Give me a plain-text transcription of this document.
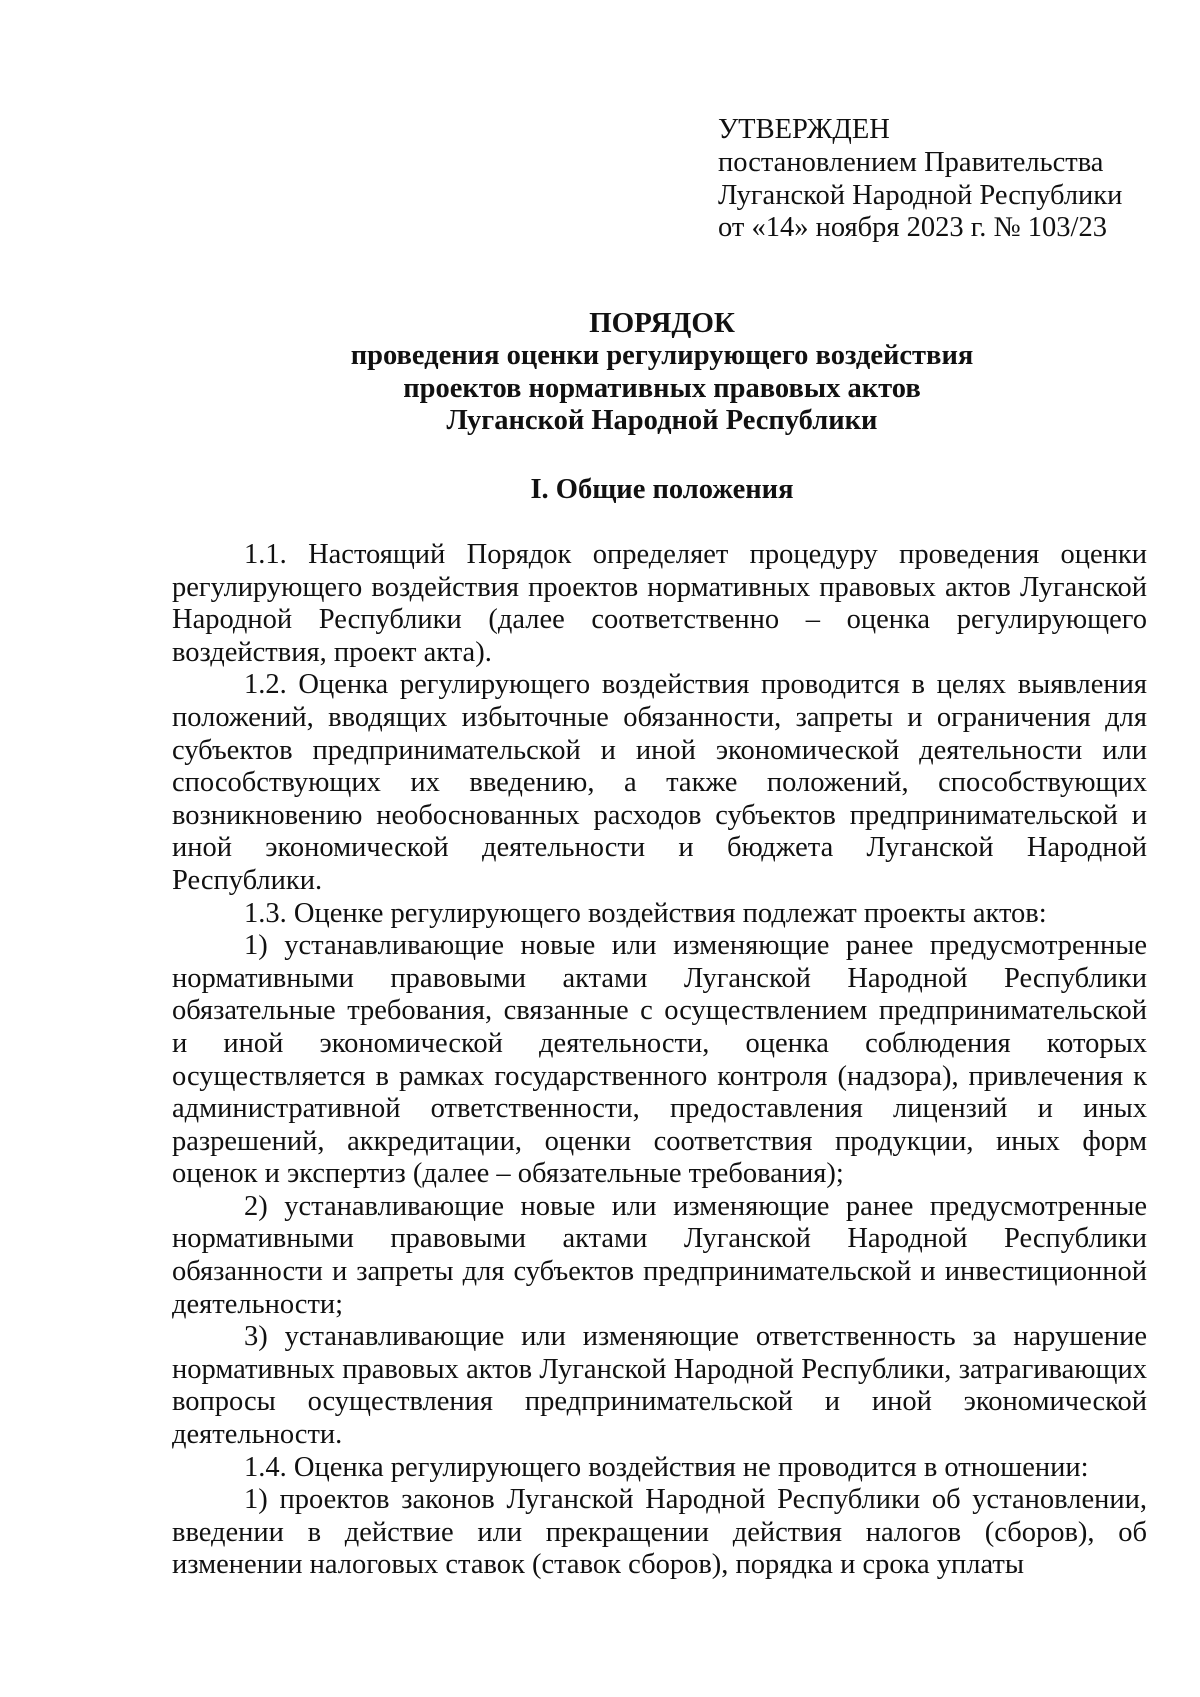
УТВЕРЖДЕН
постановлением Правительства
Луганской Народной Республики
от «14» ноября 2023 г. № 103/23
ПОРЯДОК
проведения оценки регулирующего воздействия
проектов нормативных правовых актов
Луганской Народной Республики
I. Общие положения

1.1. Настоящий Порядок определяет процедуру проведения оценки регулирующего воздействия проектов нормативных правовых актов Луганской Народной Республики (далее соответственно – оценка регулирующего воздействия, проект акта).

1.2. Оценка регулирующего воздействия проводится в целях выявления положений, вводящих избыточные обязанности, запреты и ограничения для субъектов предпринимательской и иной экономической деятельности или способствующих их введению, а также положений, способствующих возникновению необоснованных расходов субъектов предпринимательской и иной экономической деятельности и бюджета Луганской Народной Республики.

1.3. Оценке регулирующего воздействия подлежат проекты актов:

1) устанавливающие новые или изменяющие ранее предусмотренные нормативными правовыми актами Луганской Народной Республики обязательные требования, связанные с осуществлением предпринимательской и иной экономической деятельности, оценка соблюдения которых осуществляется в рамках государственного контроля (надзора), привлечения к административной ответственности, предоставления лицензий и иных разрешений, аккредитации, оценки соответствия продукции, иных форм оценок и экспертиз (далее – обязательные требования);

2) устанавливающие новые или изменяющие ранее предусмотренные нормативными правовыми актами Луганской Народной Республики обязанности и запреты для субъектов предпринимательской и инвестиционной деятельности;

3) устанавливающие или изменяющие ответственность за нарушение нормативных правовых актов Луганской Народной Республики, затрагивающих вопросы осуществления предпринимательской и иной экономической деятельности.

1.4. Оценка регулирующего воздействия не проводится в отношении:

1) проектов законов Луганской Народной Республики об установлении, введении в действие или прекращении действия налогов (сборов), об изменении налоговых ставок (ставок сборов), порядка и срока уплаты
